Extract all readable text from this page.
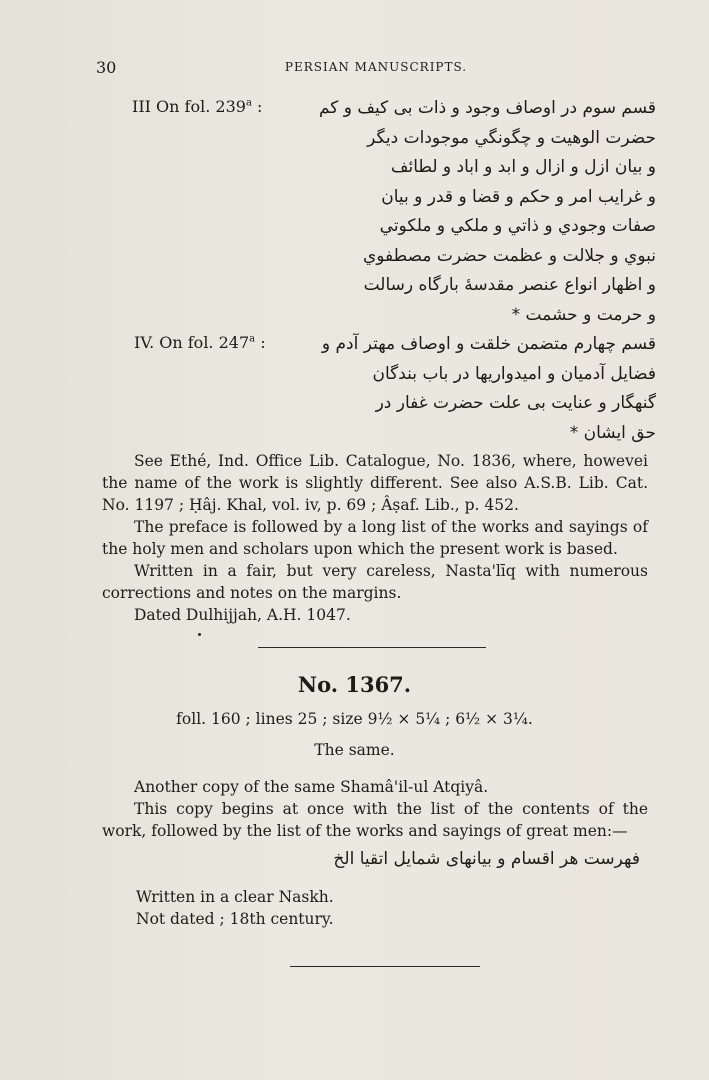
30	PERSIAN MANUSCRIPTS.
III On fol. 239$^a$ :	قسم سوم در اوصاف وجود و ذات بی کیف و کم
حضرت الوهیت و چگونگي موجودات دیگر
و بیان ازل و ازال و ابد و اباد و لطائف
و غرایب امر و حکم و قضا و قدر و بیان
صفات وجودي و ذاتي و ملکي و ملکوتي
نبوي و جلالت و عظمت حضرت مصطفوي
و اظهار انواع عنصر مقدسهٔ بارگاه رسالت
و حرمت و حشمت *
IV. On fol. 247$^a$ :	قسم چهارم متضمن خلقت و اوصاف مهتر آدم و
فضایل آدمیان و امیدواریها در باب بندگان
گنهگار و عنایت بی علت حضرت غفار در
حق ایشان *

See Ethé, Ind. Office Lib. Catalogue, No. 1836, where, howevei the name of the work is slightly different. See also A.S.B. Lib. Cat. No. 1197 ; Ḥâj. Khal, vol. iv, p. 69 ; Âṣaf. Lib., p. 452.

The preface is followed by a long list of the works and sayings of the holy men and scholars upon which the present work is based.

Written in a fair, but very careless, Nasta'līq with numerous corrections and notes on the margins.

Dated Dulhijjah, A.H. 1047.

No. 1367.
foll. 160 ; lines 25 ; size 9½ × 5¼ ; 6½ × 3¼.
The same.

Another copy of the same Shamâ'il-ul Atqiyâ.

This copy begins at once with the list of the contents of the work, followed by the list of the works and sayings of great men:—

فهرست هر اقسام و بیانهای شمایل اتقیا الخ
Written in a clear Naskh.
Not dated ; 18th century.
